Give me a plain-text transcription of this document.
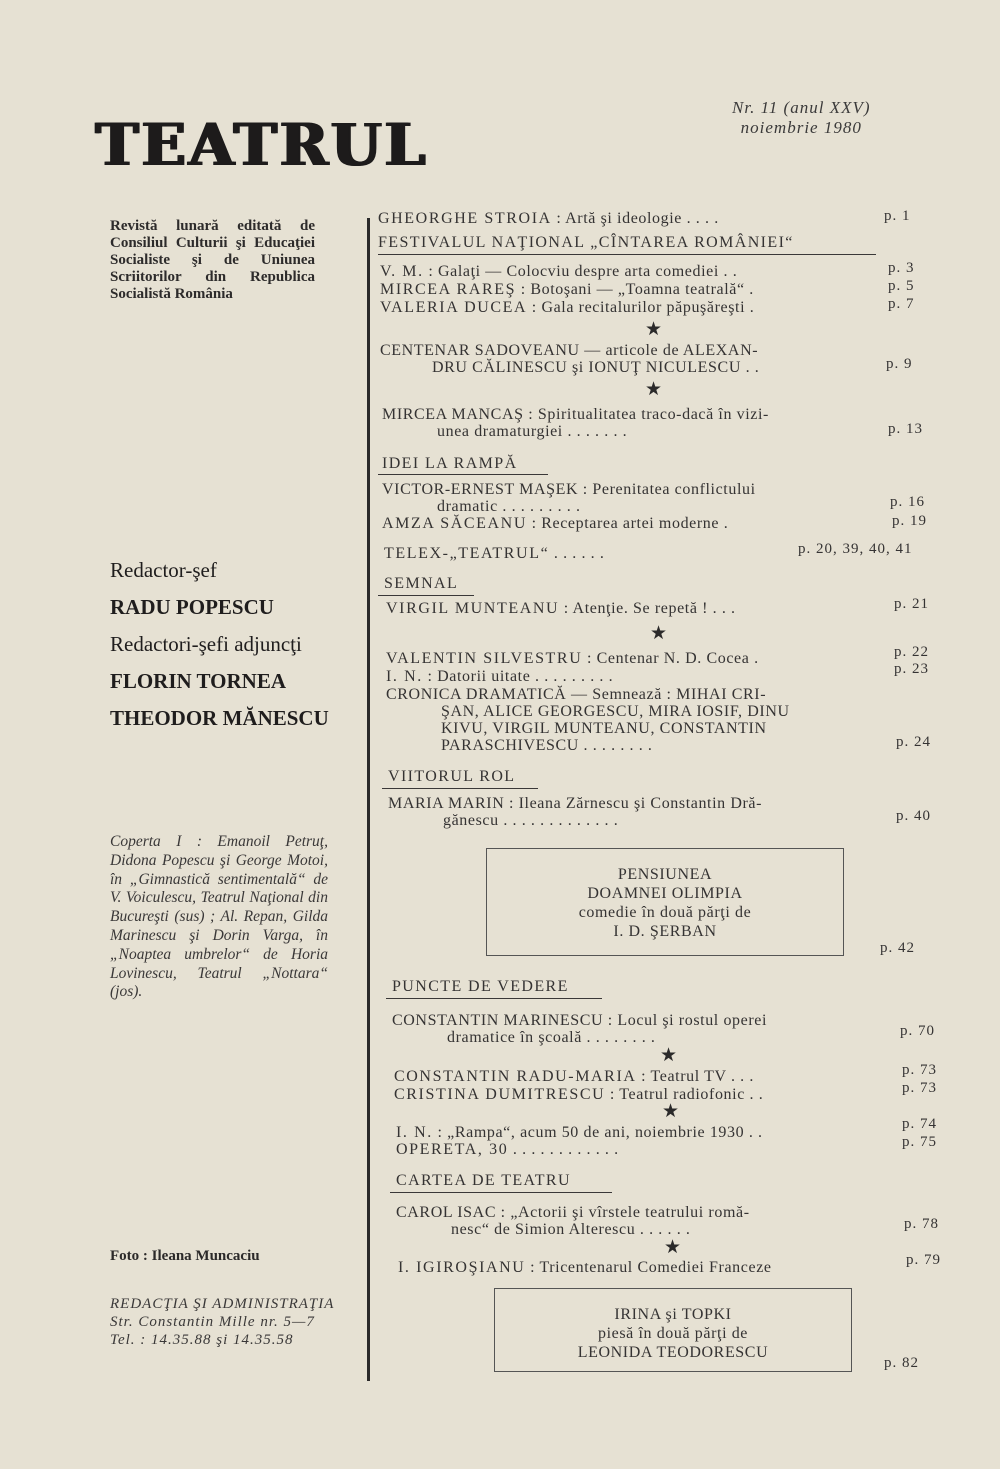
TEATRUL
Nr. 11 (anul XXV)
noiembrie 1980
Revistă lunară editată de Consiliul Culturii şi Educaţiei Socialiste şi de Uniunea Scriitorilor din Republica Socialistă România
Redactor-şef
RADU POPESCU
Redactori-şefi adjuncţi
FLORIN TORNEA
THEODOR MĂNESCU
Coperta I : Emanoil Petruţ, Didona Popescu şi George Motoi, în „Gimnastică sentimentală“ de V. Voiculescu, Teatrul Naţional din Bucureşti (sus) ; Al. Repan, Gilda Marinescu şi Dorin Varga, în „Noaptea umbrelor“ de Horia Lovinescu, Teatrul „Nottara“ (jos).
Foto : Ileana Muncaciu
REDACŢIA ŞI ADMINISTRAŢIA
Str. Constantin Mille nr. 5—7
Tel. : 14.35.88 şi 14.35.58
GHEORGHE STROIA : Artă şi ideologie . . . .	p. 1
FESTIVALUL NAŢIONAL „CÎNTAREA ROMÂNIEI“
V. M. : Galaţi — Colocviu despre arta comediei . .	p. 3
MIRCEA RAREŞ : Botoşani — „Toamna teatrală“ .	p. 5
VALERIA DUCEA : Gala recitalurilor păpuşăreşti .	p. 7
★
CENTENAR SADOVEANU — articole de ALEXAN-
DRU CĂLINESCU şi IONUŢ NICULESCU . .	p. 9
★
MIRCEA MANCAŞ : Spiritualitatea traco-dacă în vizi-
unea dramaturgiei . . . . . . .	p. 13
IDEI LA RAMPĂ
VICTOR-ERNEST MAŞEK : Perenitatea conflictului
dramatic . . . . . . . . .	p. 16
AMZA SĂCEANU : Receptarea artei moderne .	p. 19
TELEX-„TEATRUL“ . . . . . .	p. 20, 39, 40, 41
SEMNAL
VIRGIL MUNTEANU : Atenţie. Se repetă ! . . .	p. 21
★
VALENTIN SILVESTRU : Centenar N. D. Cocea .	p. 22
I. N. : Datorii uitate . . . . . . . . .	p. 23
CRONICA DRAMATICĂ — Semnează : MIHAI CRI-
ŞAN, ALICE GEORGESCU, MIRA IOSIF, DINU
KIVU, VIRGIL MUNTEANU, CONSTANTIN
PARASCHIVESCU . . . . . . . .	p. 24
VIITORUL ROL
MARIA MARIN : Ileana Zărnescu şi Constantin Dră-
gănescu . . . . . . . . . . . . .	p. 40
PENSIUNEA
DOAMNEI OLIMPIA
comedie în două părţi de
I. D. ŞERBAN
p. 42
PUNCTE DE VEDERE
CONSTANTIN MARINESCU : Locul şi rostul operei
dramatice în şcoală . . . . . . . .	p. 70
★
CONSTANTIN RADU-MARIA : Teatrul TV . . .	p. 73
CRISTINA DUMITRESCU : Teatrul radiofonic . .	p. 73
★
I. N. : „Rampa“, acum 50 de ani, noiembrie 1930 . .	p. 74
OPERETA, 30 . . . . . . . . . . . .	p. 75
CARTEA DE TEATRU
CAROL ISAC : „Actorii şi vîrstele teatrului romă-
nesc“ de Simion Alterescu . . . . . .	p. 78
★
I. IGIROŞIANU : Tricentenarul Comediei Franceze	p. 79
IRINA şi TOPKI
piesă în două părţi de
LEONIDA TEODORESCU
p. 82
